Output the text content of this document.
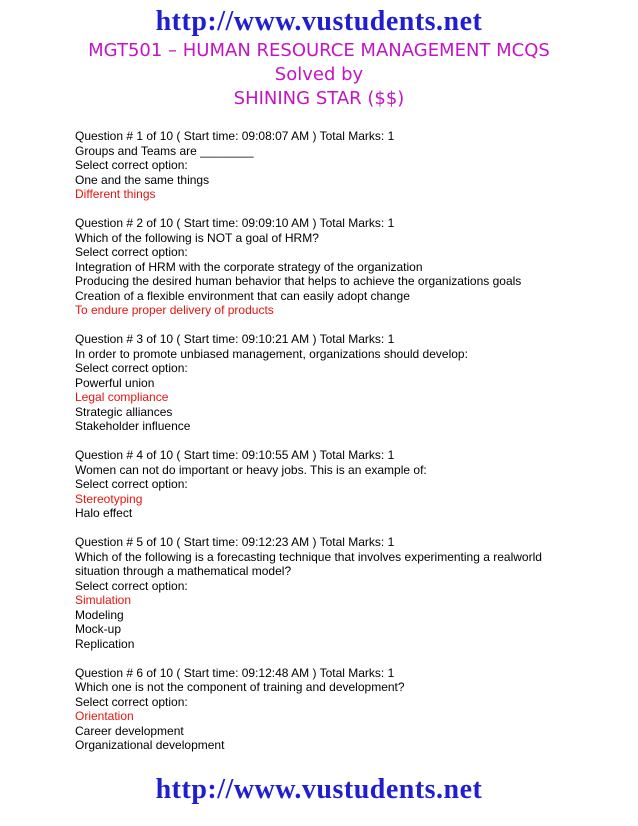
http://www.vustudents.net
MGT501 – HUMAN RESOURCE MANAGEMENT MCQS
Solved by
SHINING STAR ($$)
Question # 1 of 10 ( Start time: 09:08:07 AM ) Total Marks: 1
Groups and Teams are ________
Select correct option:
One and the same things
Different things
Question # 2 of 10 ( Start time: 09:09:10 AM ) Total Marks: 1
Which of the following is NOT a goal of HRM?
Select correct option:
Integration of HRM with the corporate strategy of the organization
Producing the desired human behavior that helps to achieve the organizations goals
Creation of a flexible environment that can easily adopt change
To endure proper delivery of products
Question # 3 of 10 ( Start time: 09:10:21 AM ) Total Marks: 1
In order to promote unbiased management, organizations should develop:
Select correct option:
Powerful union
Legal compliance
Strategic alliances
Stakeholder influence
Question # 4 of 10 ( Start time: 09:10:55 AM ) Total Marks: 1
Women can not do important or heavy jobs. This is an example of:
Select correct option:
Stereotyping
Halo effect
Question # 5 of 10 ( Start time: 09:12:23 AM ) Total Marks: 1
Which of the following is a forecasting technique that involves experimenting a realworld situation through a mathematical model?
Select correct option:
Simulation
Modeling
Mock-up
Replication
Question # 6 of 10 ( Start time: 09:12:48 AM ) Total Marks: 1
Which one is not the component of training and development?
Select correct option:
Orientation
Career development
Organizational development
http://www.vustudents.net
